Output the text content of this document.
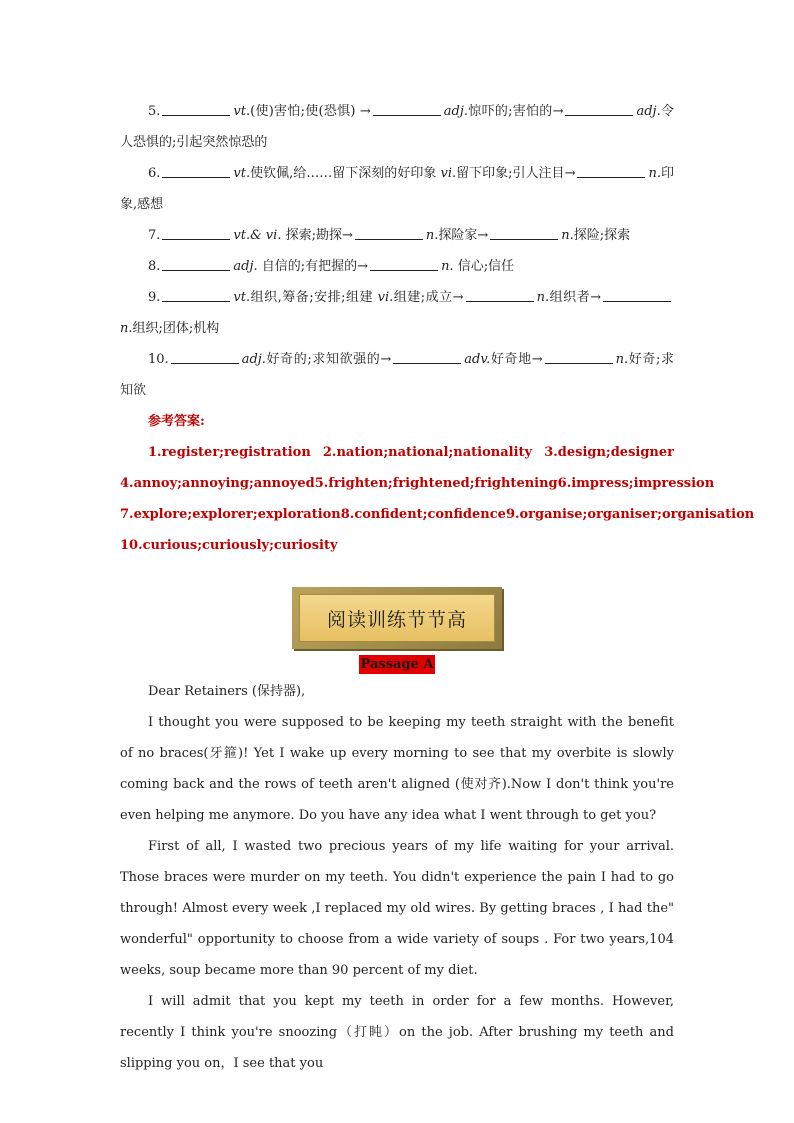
5.	vt.(使)害怕;使(恐惧) →	adj.惊吓的;害怕的→	adj.令人恐惧的;引起突然惊恐的

6.	vt.使钦佩,给……留下深刻的好印象 vi.留下印象;引人注目→	n.印象,感想

7.	vt.& vi. 探索;勘探→	n.探险家→	n.探险;探索

8.	adj. 自信的;有把握的→	n. 信心;信任

9.	vt.组织,筹备;安排;组建 vi.组建;成立→	n.组织者→n.组织;团体;机构

10.	adj.好奇的;求知欲强的→	adv.好奇地→	n.好奇;求知欲

参考答案:

1.register;registration 2.nation;national;nationality 3.design;designer
4.annoy;annoying; annoyed 5.frighten;frightened;frightening 6.impress;impression
7.explore;explorer;exploration 8.confident;confidence 9.organise;organiser;organisation
10.curious;curiously;curiosity
阅读训练节节高
Passage A

Dear Retainers (保持器),

I thought you were supposed to be keeping my teeth straight with the benefit of no braces(牙箍)! Yet I wake up every morning to see that my overbite is slowly coming back and the rows of teeth aren't aligned (使对齐).Now I don't think you're even helping me anymore. Do you have any idea what I went through to get you?

First of all, I wasted two precious years of my life waiting for your arrival. Those braces were murder on my teeth. You didn't experience the pain I had to go through! Almost every week ,I replaced my old wires. By getting braces , I had the" wonderful" opportunity to choose from a wide variety of soups . For two years,104 weeks, soup became more than 90 percent of my diet.

I will admit that you kept my teeth in order for a few months. However, recently I think you're snoozing（打盹）on the job. After brushing my teeth and slipping you on，I see that you
